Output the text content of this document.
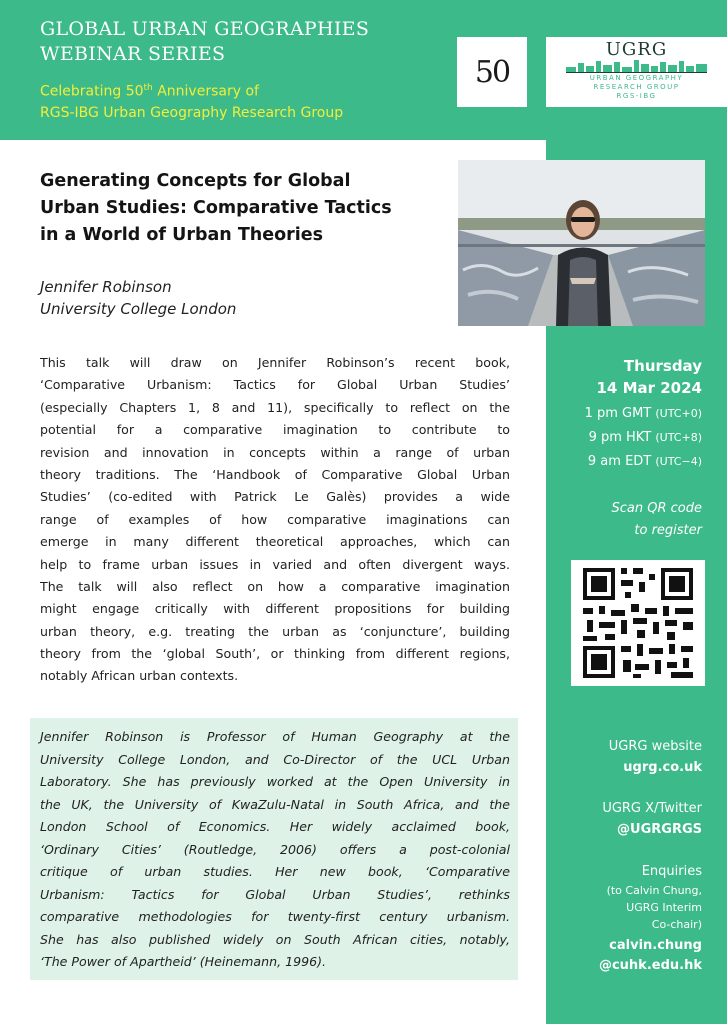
GLOBAL URBAN GEOGRAPHIES
WEBINAR SERIES
Celebrating 50th Anniversary of
RGS-IBG Urban Geography Research Group
50
UGRG
URBAN GEOGRAPHY
RESEARCH GROUP
RGS-IBG
Generating Concepts for Global
Urban Studies: Comparative Tactics
in a World of Urban Theories
Jennifer Robinson
University College London
This talk will draw on Jennifer Robinson’s recent book,
‘Comparative Urbanism: Tactics for Global Urban Studies’
(especially Chapters 1, 8 and 11), specifically to reflect on the
potential for a comparative imagination to contribute to
revision and innovation in concepts within a range of urban
theory traditions. The ‘Handbook of Comparative Global Urban
Studies’ (co-edited with Patrick Le Galès) provides a wide
range of examples of how comparative imaginations can
emerge in many different theoretical approaches, which can
help to frame urban issues in varied and often divergent ways.
The talk will also reflect on how a comparative imagination
might engage critically with different propositions for building
urban theory, e.g. treating the urban as ‘conjuncture’, building
theory from the ‘global South’, or thinking from different regions,
notably African urban contexts.
Jennifer Robinson is Professor of Human Geography at the
University College London, and Co-Director of the UCL Urban
Laboratory. She has previously worked at the Open University in
the UK, the University of KwaZulu-Natal in South Africa, and the
London School of Economics. Her widely acclaimed book,
‘Ordinary Cities’ (Routledge, 2006) offers a post-colonial
critique of urban studies. Her new book, ‘Comparative
Urbanism: Tactics for Global Urban Studies’, rethinks
comparative methodologies for twenty-first century urbanism.
She has also published widely on South African cities, notably,
‘The Power of Apartheid’ (Heinemann, 1996).
Thursday
14 Mar 2024
1 pm GMT (UTC+0)
9 pm HKT (UTC+8)
9 am EDT (UTC−4)
Scan QR code
to register
UGRG website
ugrg.co.uk
UGRG X/Twitter
@UGRGRGS
Enquiries
(to Calvin Chung,
UGRG Interim
Co-chair)
calvin.chung
@cuhk.edu.hk
